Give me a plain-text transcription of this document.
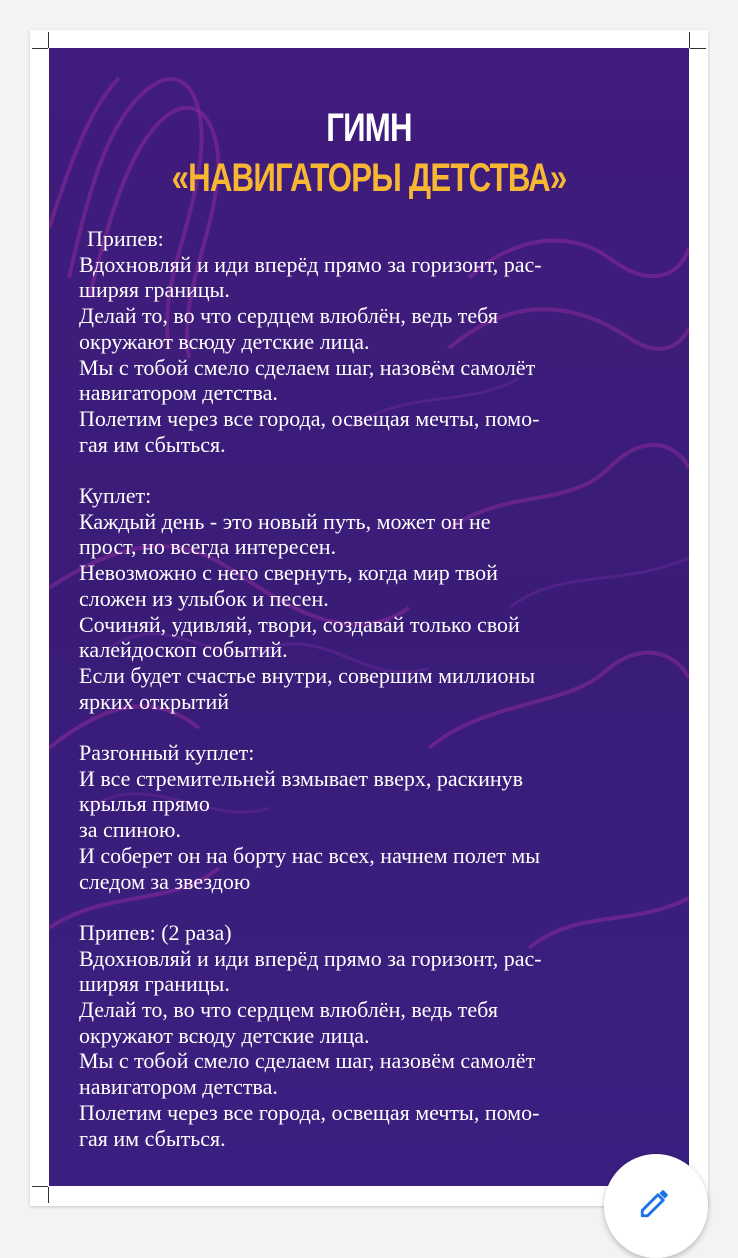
ГИМН
«НАВИГАТОРЫ ДЕТСТВА»
Припев:
Вдохновляй и иди вперёд прямо за горизонт, рас-
ширяя границы.
Делай то, во что сердцем влюблён, ведь тебя
окружают всюду детские лица.
Мы с тобой смело сделаем шаг, назовём самолёт
навигатором детства.
Полетим через все города, освещая мечты, помо-
гая им сбыться.
Куплет:
Каждый день - это новый путь, может он не
прост, но всегда интересен.
Невозможно с него свернуть, когда мир твой
сложен из улыбок и песен.
Сочиняй, удивляй, твори, создавай только свой
калейдоскоп событий.
Если будет счастье внутри, совершим миллионы
ярких открытий
Разгонный куплет:
И все стремительней взмывает вверх, раскинув
крылья прямо
за спиною.
И соберет он на борту нас всех, начнем полет мы
следом за звездою
Припев: (2 раза)
Вдохновляй и иди вперёд прямо за горизонт, рас-
ширяя границы.
Делай то, во что сердцем влюблён, ведь тебя
окружают всюду детские лица.
Мы с тобой смело сделаем шаг, назовём самолёт
навигатором детства.
Полетим через все города, освещая мечты, помо-
гая им сбыться.
